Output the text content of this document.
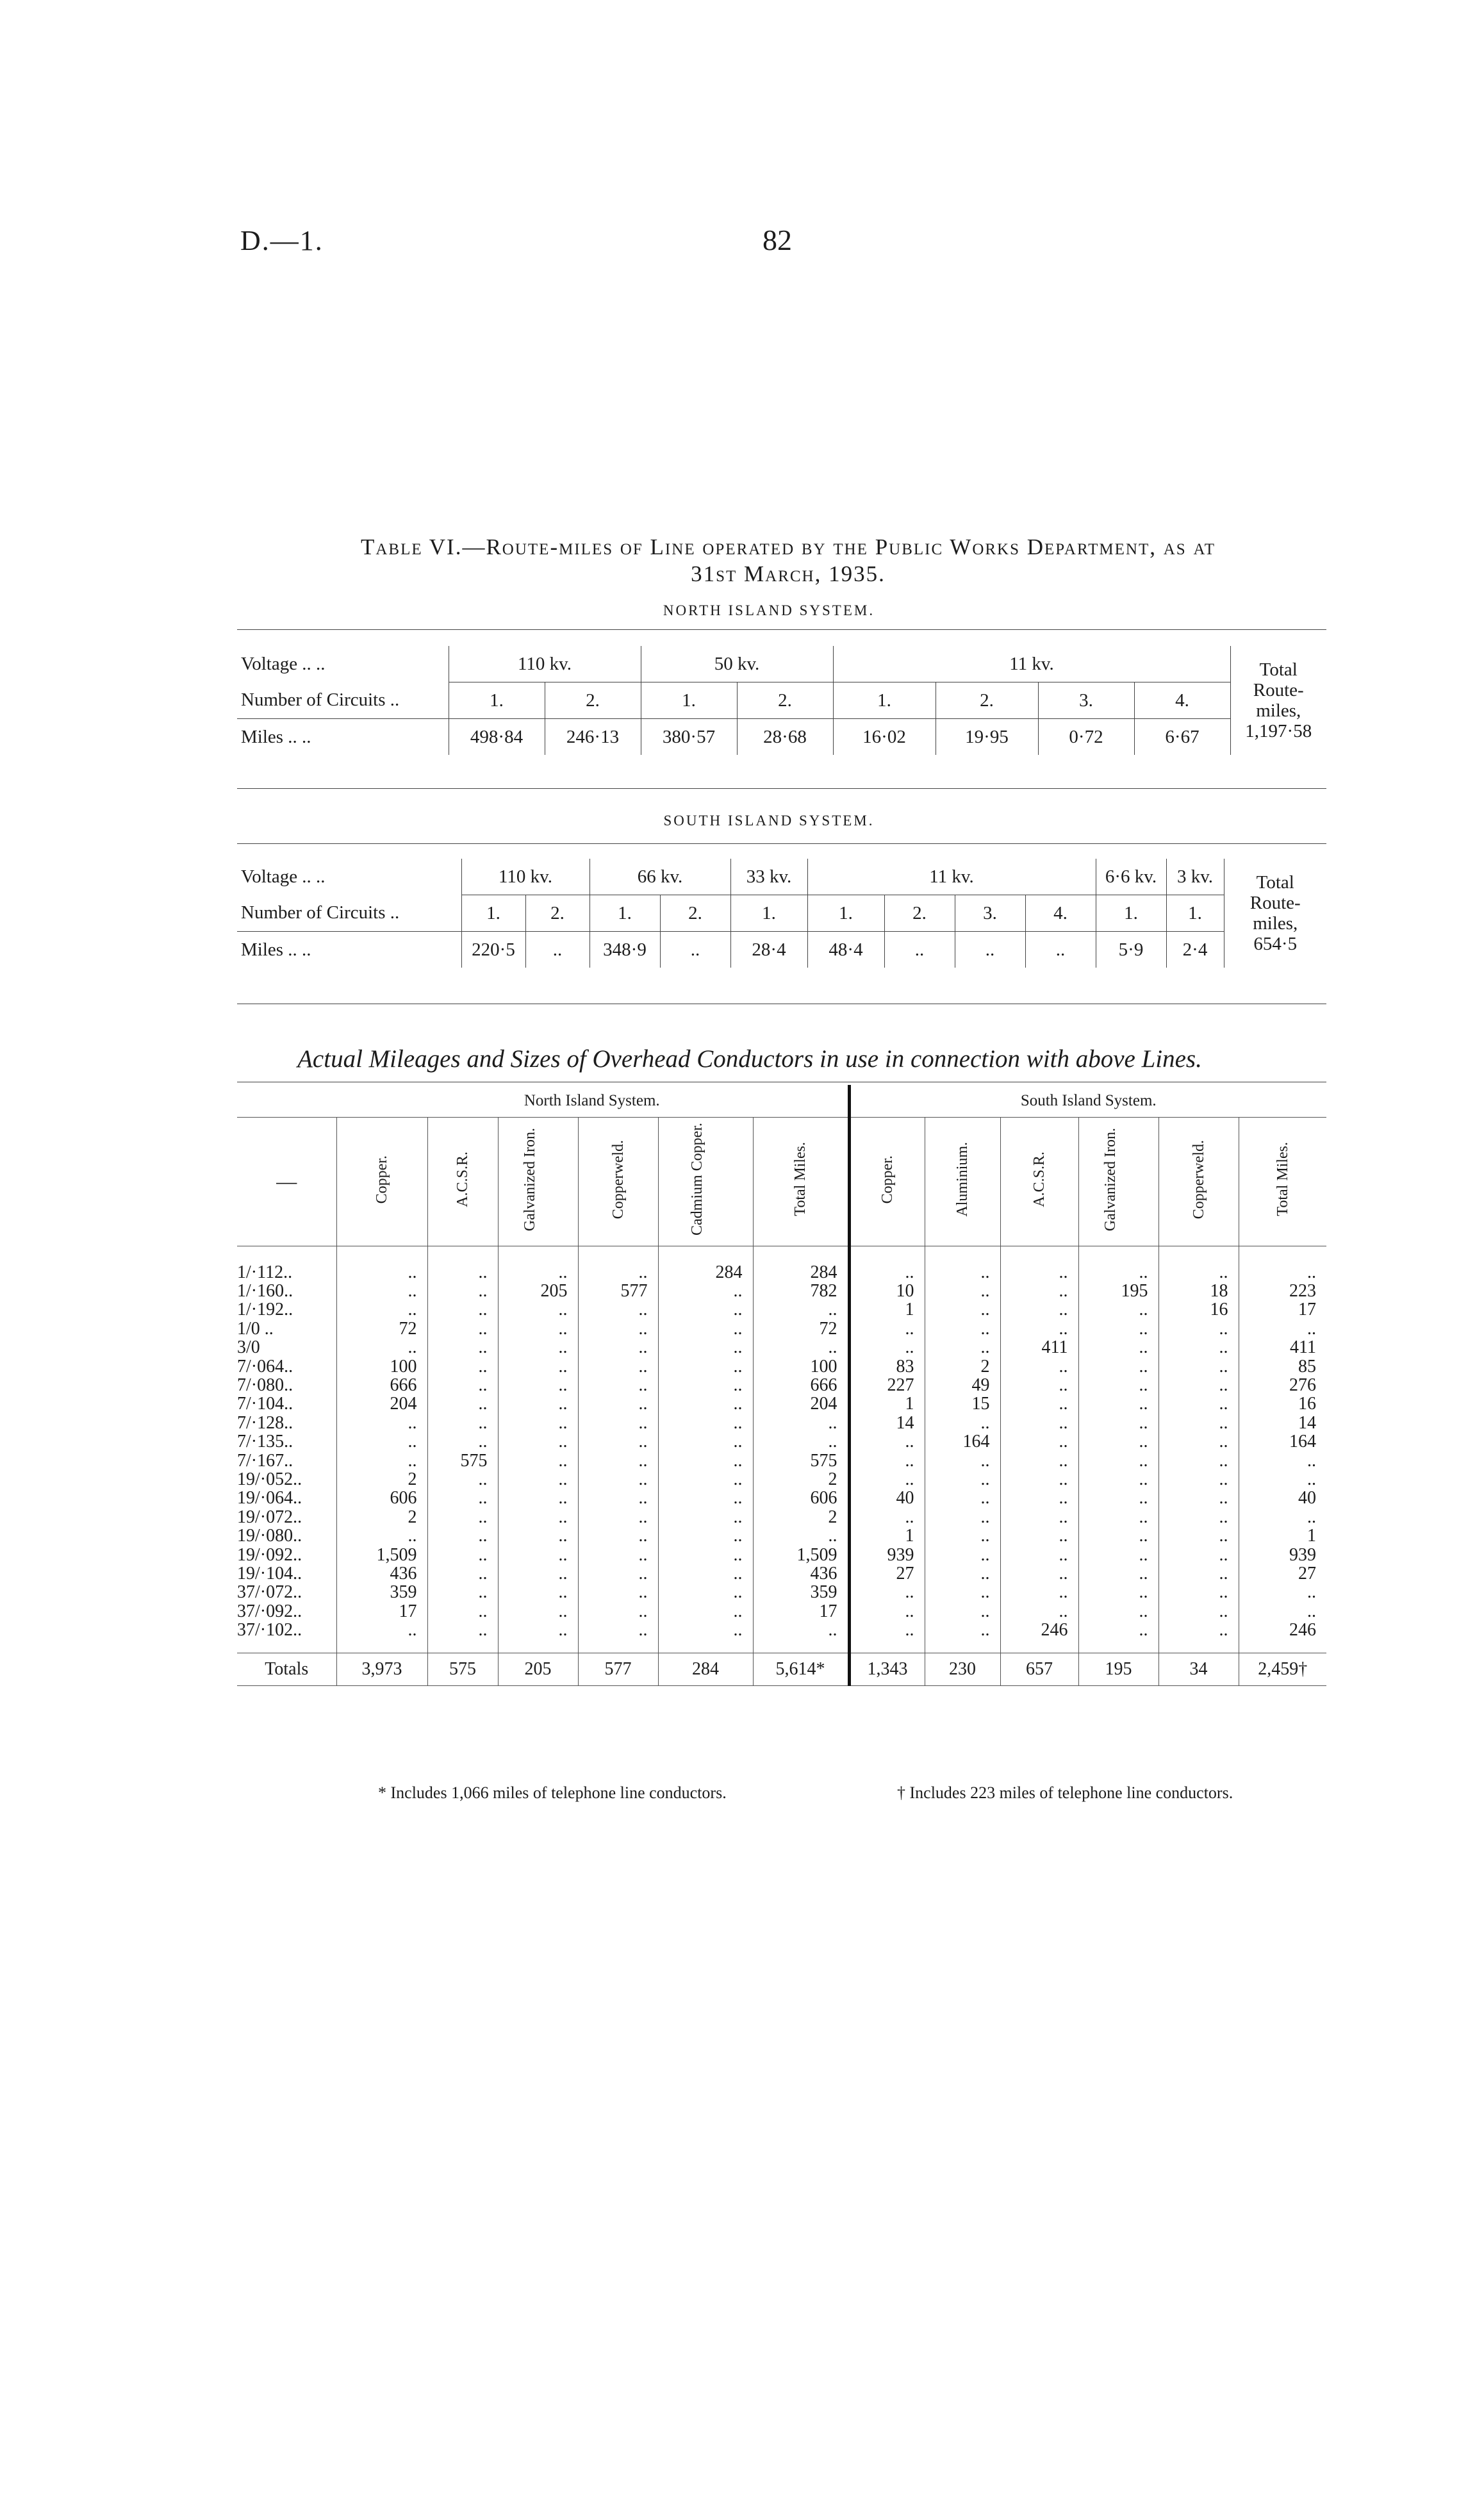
D.—1.	82
Table VI.—Route-miles of Line operated by the Public Works Department, as at
31st March, 1935.
NORTH ISLAND SYSTEM.
Voltage .. ..	110 kv.		50 kv.		11 kv.				Total Route-miles,
1,197·58

Number of Circuits ..	1.	2.	1.	2.	1.	2.	3.	4.	
Miles .. ..	498·84	246·13	380·57	28·68	16·02	19·95	0·72	6·67	
SOUTH ISLAND SYSTEM.
Voltage .. ..	110 kv.		66 kv.		33 kv.	11 kv.				6·6 kv.	3 kv.	Total Route-miles,
654·5

Number of Circuits ..	1.	2.	1.	2.	1.	1.	2.	3.	4.	1.	1.	
Miles .. ..	220·5	..	348·9	..	28·4	48·4	..	..	..	5·9	2·4	
Actual Mileages and Sizes of Overhead Conductors in use in connection with above Lines.
	North Island System.						South Island System.					
—	Copper.	A.C.S.R.	Galvanized Iron.	Copperweld.	Cadmium Copper.	Total Miles.	Copper.	Aluminium.	A.C.S.R.	Galvanized Iron.	Copperweld.	Total Miles.

1/·112..	..	..	..	..	284	284	..	..	..	..	..	..
1/·160..	..	..	205	577	..	782	10	..	..	195	18	223
1/·192..	..	..	..	..	..	..	1	..	..	..	16	17
1/0 ..	72	..	..	..	..	72	..	..	..	..	..	..
3/0	..	..	..	..	..	..	..	..	411	..	..	411
7/·064..	100	..	..	..	..	100	83	2	..	..	..	85
7/·080..	666	..	..	..	..	666	227	49	..	..	..	276
7/·104..	204	..	..	..	..	204	1	15	..	..	..	16
7/·128..	..	..	..	..	..	..	14	..	..	..	..	14
7/·135..	..	..	..	..	..	..	..	164	..	..	..	164
7/·167..	..	575	..	..	..	575	..	..	..	..	..	..
19/·052..	2	..	..	..	..	2	..	..	..	..	..	..
19/·064..	606	..	..	..	..	606	40	..	..	..	..	40
19/·072..	2	..	..	..	..	2	..	..	..	..	..	..
19/·080..	..	..	..	..	..	..	1	..	..	..	..	1
19/·092..	1,509	..	..	..	..	1,509	939	..	..	..	..	939
19/·104..	436	..	..	..	..	436	27	..	..	..	..	27
37/·072..	359	..	..	..	..	359	..	..	..	..	..	..
37/·092..	17	..	..	..	..	17	..	..	..	..	..	..
37/·102..	..	..	..	..	..	..	..	..	246	..	..	246

Totals	3,973	575	205	577	284	5,614*	1,343	230	657	195	34	2,459†
* Includes 1,066 miles of telephone line conductors.	† Includes 223 miles of telephone line conductors.
